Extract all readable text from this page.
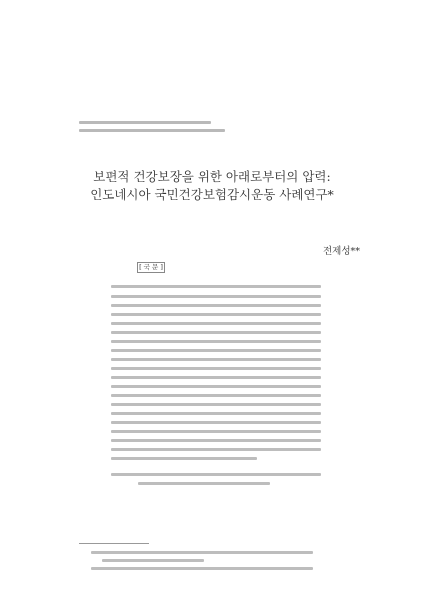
보편적 건강보장을 위한 아래로부터의 압력:
인도네시아 국민건강보험감시운동 사례연구*
전제성**
[ 국 문 ]
